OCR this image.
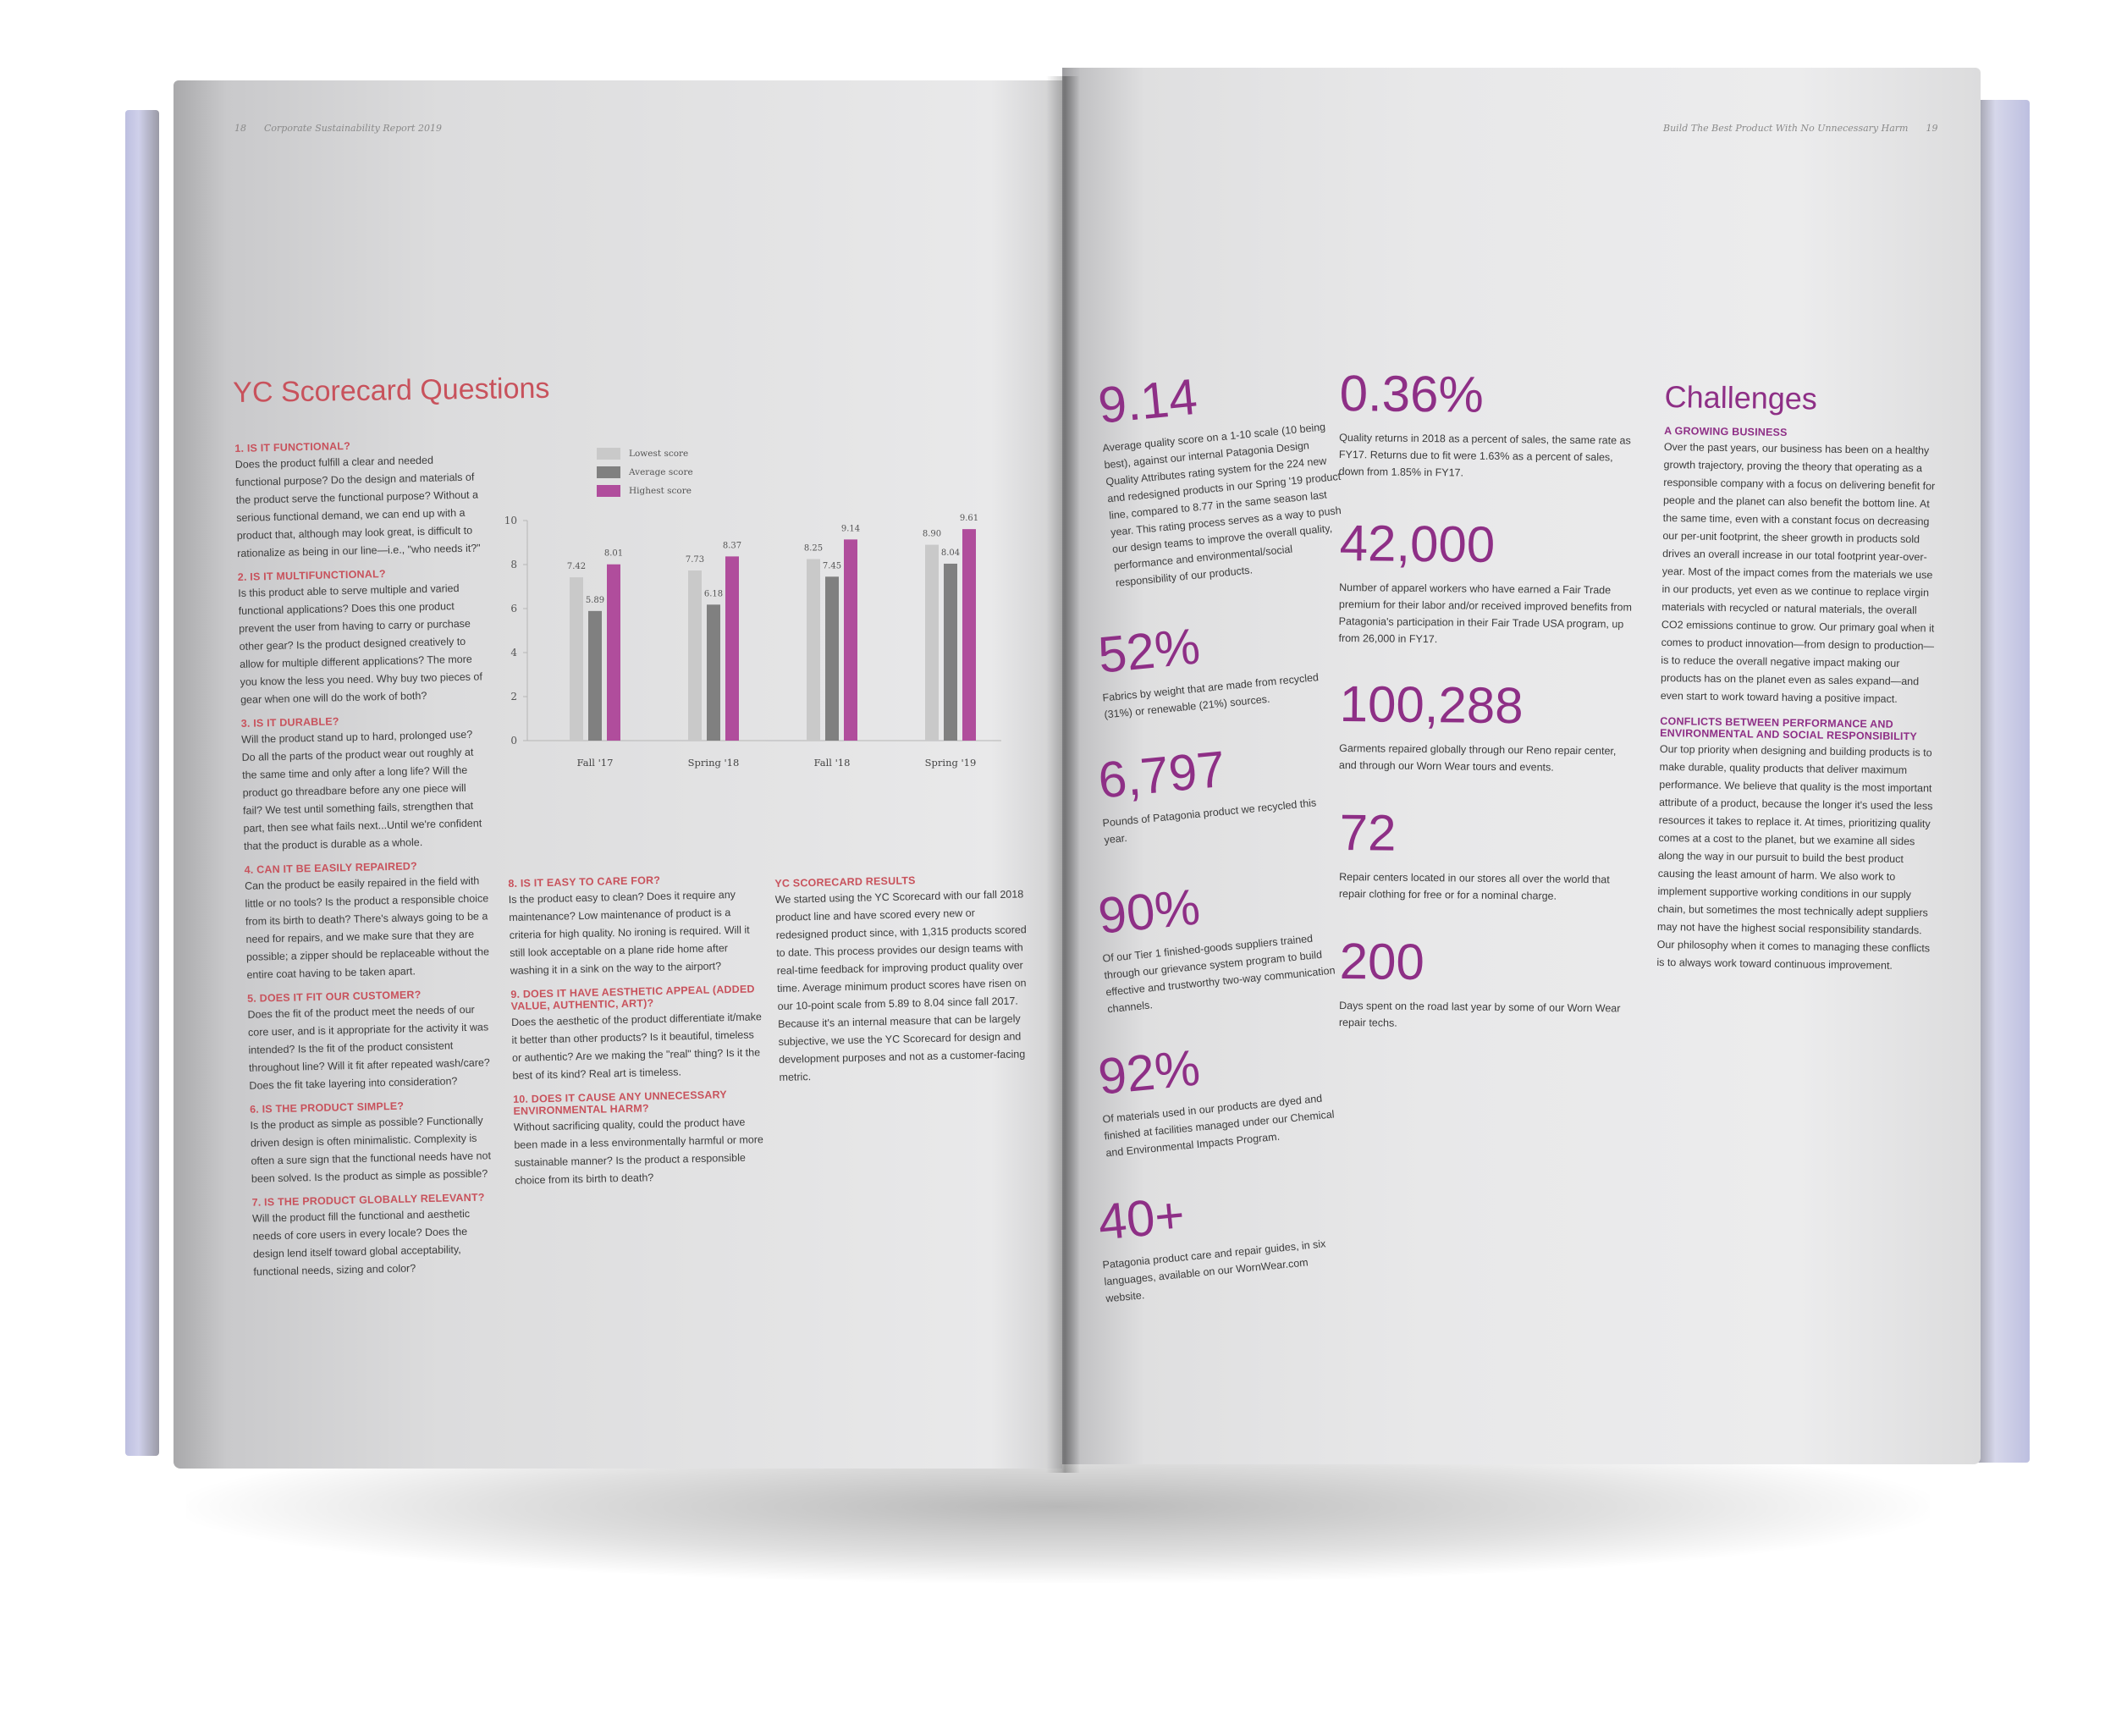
18 Corporate Sustainability Report 2019
YC Scorecard Questions
1. IS IT FUNCTIONAL?
Does the product fulfill a clear and needed functional purpose? Do the design and materials of the product serve the functional purpose? Without a serious functional demand, we can end up with a product that, although may look great, is difficult to rationalize as being in our line—i.e., "who needs it?"
2. IS IT MULTIFUNCTIONAL?
Is this product able to serve multiple and varied functional applications? Does this one product prevent the user from having to carry or purchase other gear? Is the product designed creatively to allow for multiple different applications? The more you know the less you need. Why buy two pieces of gear when one will do the work of both?
3. IS IT DURABLE?
Will the product stand up to hard, prolonged use? Do all the parts of the product wear out roughly at the same time and only after a long life? Will the product go threadbare before any one piece will fail? We test until something fails, strengthen that part, then see what fails next...Until we're confident that the product is durable as a whole.
4. CAN IT BE EASILY REPAIRED?
Can the product be easily repaired in the field with little or no tools? Is the product a responsible choice from its birth to death? There's always going to be a need for repairs, and we make sure that they are possible; a zipper should be replaceable without the entire coat having to be taken apart.
5. DOES IT FIT OUR CUSTOMER?
Does the fit of the product meet the needs of our core user, and is it appropriate for the activity it was intended? Is the fit of the product consistent throughout line? Will it fit after repeated wash/care? Does the fit take layering into consideration?
6. IS THE PRODUCT SIMPLE?
Is the product as simple as possible? Functionally driven design is often minimalistic. Complexity is often a sure sign that the functional needs have not been solved. Is the product as simple as possible?
7. IS THE PRODUCT GLOBALLY RELEVANT?
Will the product fill the functional and aesthetic needs of core users in every locale? Does the design lend itself toward global acceptability, functional needs, sizing and color?
Lowest score
Average score
Highest score
0
2
4
6
8
10
7.42
5.89
8.01
Fall '17
7.73
6.18
8.37
Spring '18
8.25
7.45
9.14
Fall '18
8.90
8.04
9.61
Spring '19
8. IS IT EASY TO CARE FOR?
Is the product easy to clean? Does it require any maintenance? Low maintenance of product is a criteria for high quality. No ironing is required. Will it still look acceptable on a plane ride home after washing it in a sink on the way to the airport?
9. DOES IT HAVE AESTHETIC APPEAL (ADDED VALUE, AUTHENTIC, ART)?
Does the aesthetic of the product differentiate it/make it better than other products? Is it beautiful, timeless or authentic? Are we making the "real" thing? Is it the best of its kind? Real art is timeless.
10. DOES IT CAUSE ANY UNNECESSARY ENVIRONMENTAL HARM?
Without sacrificing quality, could the product have been made in a less environmentally harmful or more sustainable manner? Is the product a responsible choice from its birth to death?
YC SCORECARD RESULTS
We started using the YC Scorecard with our fall 2018 product line and have scored every new or redesigned product since, with 1,315 products scored to date. This process provides our design teams with real-time feedback for improving product quality over time. Average minimum product scores have risen on our 10-point scale from 5.89 to 8.04 since fall 2017. Because it's an internal measure that can be largely subjective, we use the YC Scorecard for design and development purposes and not as a customer-facing metric.
Build The Best Product With No Unnecessary Harm 19
9.14
Average quality score on a 1-10 scale (10 being best), against our internal Patagonia Design Quality Attributes rating system for the 224 new and redesigned products in our Spring '19 product line, compared to 8.77 in the same season last year. This rating process serves as a way to push our design teams to improve the overall quality, performance and environmental/social responsibility of our products.
52%
Fabrics by weight that are made from recycled (31%) or renewable (21%) sources.
6,797
Pounds of Patagonia product we recycled this year.
90%
Of our Tier 1 finished-goods suppliers trained through our grievance system program to build effective and trustworthy two-way communication channels.
92%
Of materials used in our products are dyed and finished at facilities managed under our Chemical and Environmental Impacts Program.
40+
Patagonia product care and repair guides, in six languages, available on our WornWear.com website.
0.36%
Quality returns in 2018 as a percent of sales, the same rate as FY17. Returns due to fit were 1.63% as a percent of sales, down from 1.85% in FY17.
42,000
Number of apparel workers who have earned a Fair Trade premium for their labor and/or received improved benefits from Patagonia's participation in their Fair Trade USA program, up from 26,000 in FY17.
100,288
Garments repaired globally through our Reno repair center, and through our Worn Wear tours and events.
72
Repair centers located in our stores all over the world that repair clothing for free or for a nominal charge.
200
Days spent on the road last year by some of our Worn Wear repair techs.
Challenges
A GROWING BUSINESS
Over the past years, our business has been on a healthy growth trajectory, proving the theory that operating as a responsible company with a focus on delivering benefit for people and the planet can also benefit the bottom line. At the same time, even with a constant focus on decreasing our per-unit footprint, the sheer growth in products sold drives an overall increase in our total footprint year-over-year. Most of the impact comes from the materials we use in our products, yet even as we continue to replace virgin materials with recycled or natural materials, the overall CO2 emissions continue to grow. Our primary goal when it comes to product innovation—from design to production—is to reduce the overall negative impact making our products has on the planet even as sales expand—and even start to work toward having a positive impact.
CONFLICTS BETWEEN PERFORMANCE AND ENVIRONMENTAL AND SOCIAL RESPONSIBILITY
Our top priority when designing and building products is to make durable, quality products that deliver maximum performance. We believe that quality is the most important attribute of a product, because the longer it's used the less resources it takes to replace it. At times, prioritizing quality comes at a cost to the planet, but we examine all sides along the way in our pursuit to build the best product causing the least amount of harm. We also work to implement supportive working conditions in our supply chain, but sometimes the most technically adept suppliers may not have the highest social responsibility standards. Our philosophy when it comes to managing these conflicts is to always work toward continuous improvement.
